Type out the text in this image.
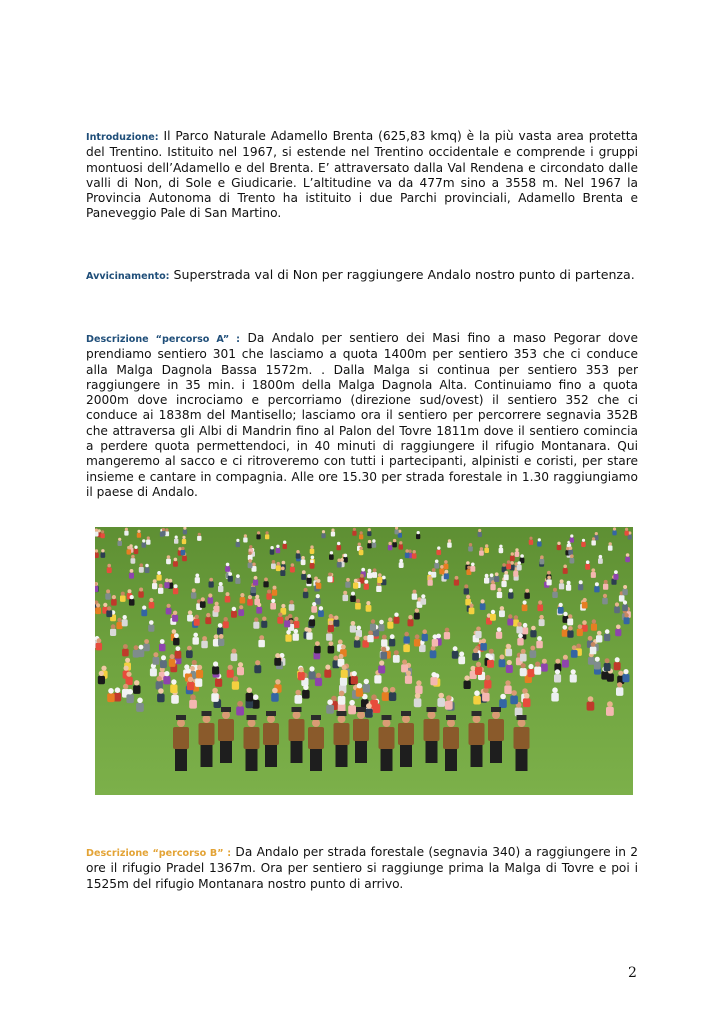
Introduzione: Il Parco Naturale Adamello Brenta (625,83 kmq) è la più vasta area protetta del Trentino. Istituito nel 1967, si estende nel Trentino occidentale e comprende i gruppi montuosi dell’Adamello e del Brenta. E’ attraversato dalla Val Rendena e circondato dalle valli di Non, di Sole e Giudicarie. L’altitudine va da 477m sino a 3558 m. Nel 1967 la Provincia Autonoma di Trento ha istituito i due Parchi provinciali, Adamello Brenta e Paneveggio Pale di San Martino.

Avvicinamento: Superstrada val di Non per raggiungere Andalo nostro punto di partenza.

Descrizione “percorso A” : Da Andalo per sentiero dei Masi fino a maso Pegorar dove prendiamo sentiero 301 che lasciamo a quota 1400m per sentiero 353 che ci conduce alla Malga Dagnola Bassa 1572m. . Dalla Malga si continua per sentiero 353 per raggiungere in 35 min. i 1800m della Malga Dagnola Alta. Continuiamo fino a quota 2000m dove incrociamo e percorriamo (direzione sud/ovest) il sentiero 352 che ci conduce ai 1838m del Mantisello; lasciamo ora il sentiero per percorrere segnavia 352B che attraversa gli Albi di Mandrin fino al Palon del Tovre 1811m dove il sentiero comincia a perdere quota permettendoci, in 40 minuti di raggiungere il rifugio Montanara. Qui mangeremo al sacco e ci ritroveremo con tutti i partecipanti, alpinisti e coristi, per stare insieme e cantare in compagnia. Alle ore 15.30 per strada forestale in 1.30 raggiungiamo il paese di Andalo.

Descrizione “percorso B” : Da Andalo per strada forestale (segnavia 340) a raggiungere in 2 ore il rifugio Pradel 1367m. Ora per sentiero si raggiunge prima la Malga di Tovre e poi i 1525m del rifugio Montanara nostro punto di arrivo.

2
